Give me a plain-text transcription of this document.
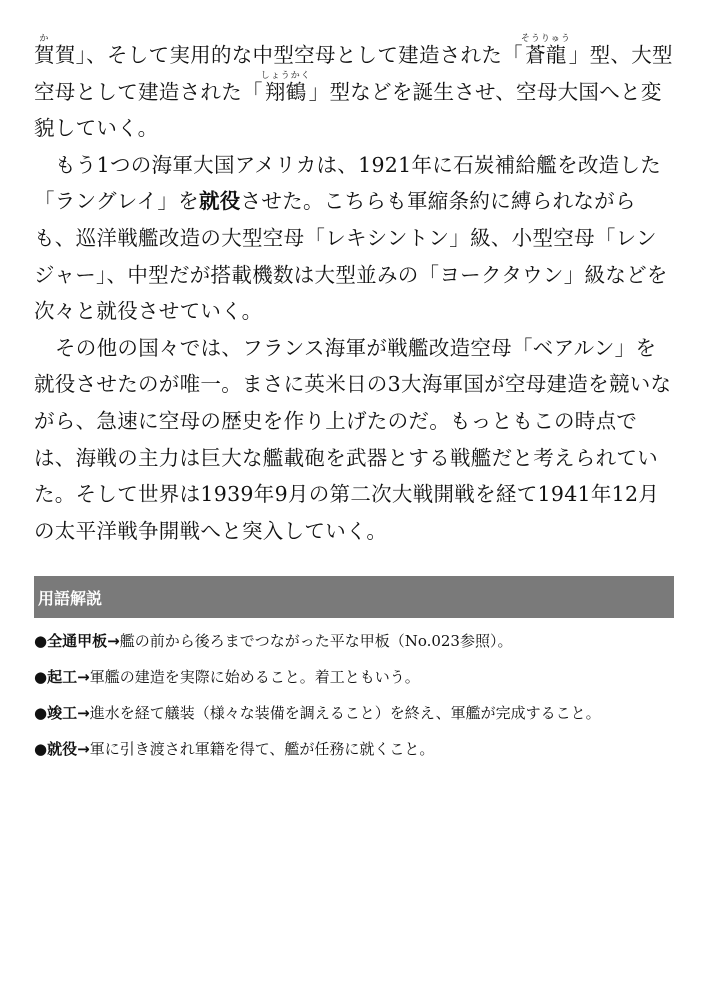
賀か賀」、そして実用的な中型空母として建造された「蒼龍そうりゅう」型、大型空母として建造された「翔鶴しょうかく」型などを誕生させ、空母大国へと変貌していく。

もう1つの海軍大国アメリカは、1921年に石炭補給艦を改造した「ラングレイ」を就役させた。こちらも軍縮条約に縛られながらも、巡洋戦艦改造の大型空母「レキシントン」級、小型空母「レンジャー」、中型だが搭載機数は大型並みの「ヨークタウン」級などを次々と就役させていく。

その他の国々では、フランス海軍が戦艦改造空母「ベアルン」を就役させたのが唯一。まさに英米日の3大海軍国が空母建造を競いながら、急速に空母の歴史を作り上げたのだ。もっともこの時点では、海戦の主力は巨大な艦載砲を武器とする戦艦だと考えられていた。そして世界は1939年9月の第二次大戦開戦を経て1941年12月の太平洋戦争開戦へと突入していく。

用語解説
●全通甲板→艦の前から後ろまでつながった平な甲板（No.023参照）。
●起工→軍艦の建造を実際に始めること。着工ともいう。
●竣工→進水を経て艤装（様々な装備を調えること）を終え、軍艦が完成すること。
●就役→軍に引き渡され軍籍を得て、艦が任務に就くこと。
